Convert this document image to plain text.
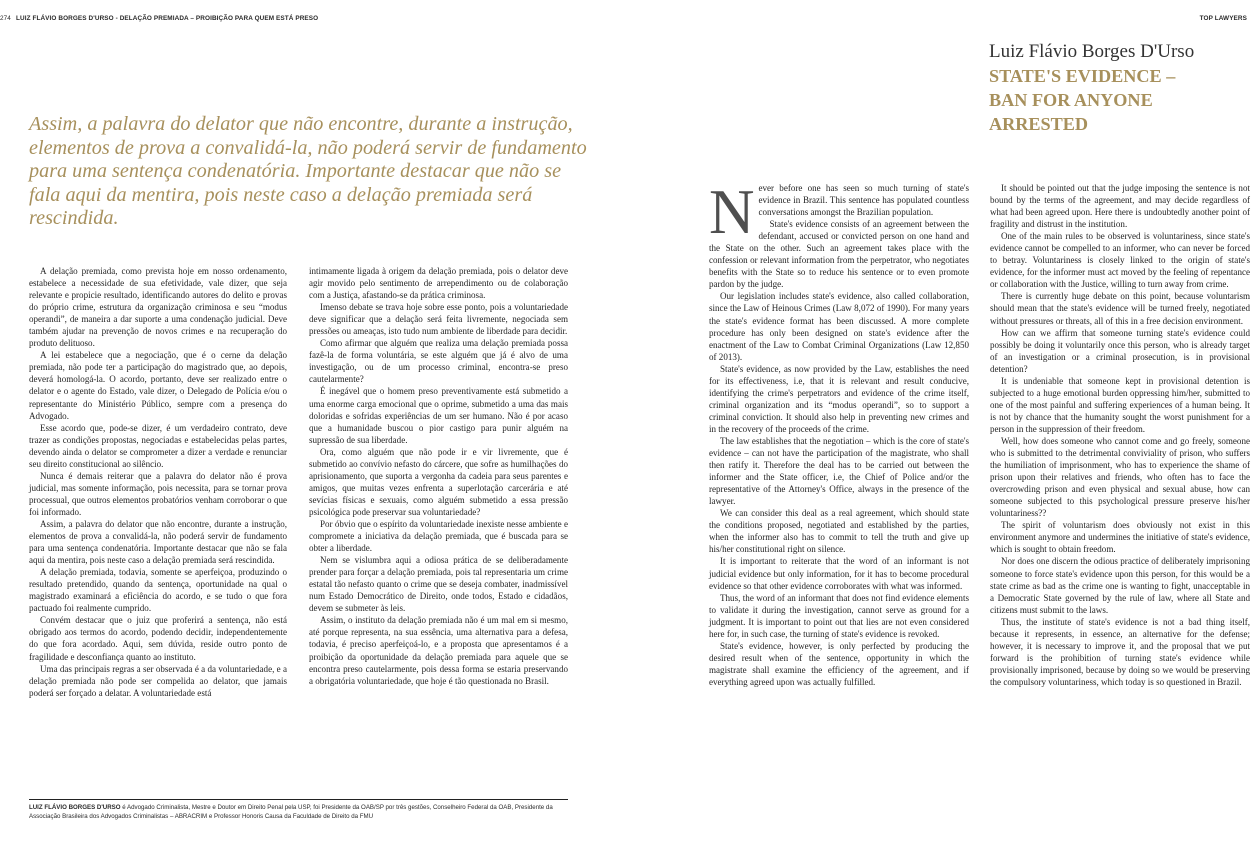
274 LUIZ FLÁVIO BORGES D'URSO - DELAÇÃO PREMIADA – PROIBIÇÃO PARA QUEM ESTÁ PRESO

Assim, a palavra do delator que não encontre, durante a instrução, elementos de prova a convalidá-la, não poderá servir de fundamento para uma sentença condenatória. Importante destacar que não se fala aqui da mentira, pois neste caso a delação premiada será rescindida.

A delação premiada, como prevista hoje em nosso ordenamento, estabelece a necessidade de sua efetividade, vale dizer, que seja relevante e propicie resultado, identificando autores do delito e provas do próprio crime, estrutura da organização criminosa e seu “modus operandi”, de maneira a dar suporte a uma condenação judicial. Deve também ajudar na prevenção de novos crimes e na recuperação do produto delituoso.

A lei estabelece que a negociação, que é o cerne da delação premiada, não pode ter a participação do magistrado que, ao depois, deverá homologá-la. O acordo, portanto, deve ser realizado entre o delator e o agente do Estado, vale dizer, o Delegado de Polícia e/ou o representante do Ministério Público, sempre com a presença do Advogado.

Esse acordo que, pode-se dizer, é um verdadeiro contrato, deve trazer as condições propostas, negociadas e estabelecidas pelas partes, devendo ainda o delator se comprometer a dizer a verdade e renunciar seu direito constitucional ao silêncio.

Nunca é demais reiterar que a palavra do delator não é prova judicial, mas somente informação, pois necessita, para se tornar prova processual, que outros elementos probatórios venham corroborar o que foi informado.

Assim, a palavra do delator que não encontre, durante a instrução, elementos de prova a convalidá-la, não poderá servir de fundamento para uma sentença condenatória. Importante destacar que não se fala aqui da mentira, pois neste caso a delação premiada será rescindida.

A delação premiada, todavia, somente se aperfeiçoa, produzindo o resultado pretendido, quando da sentença, oportunidade na qual o magistrado examinará a eficiência do acordo, e se tudo o que fora pactuado foi realmente cumprido.

Convém destacar que o juiz que proferirá a sentença, não está obrigado aos termos do acordo, podendo decidir, independentemente do que fora acordado. Aqui, sem dúvida, reside outro ponto de fragilidade e desconfiança quanto ao instituto.

Uma das principais regras a ser observada é a da voluntariedade, e a delação premiada não pode ser compelida ao delator, que jamais poderá ser forçado a delatar. A voluntariedade está

intimamente ligada à origem da delação premiada, pois o delator deve agir movido pelo sentimento de arrependimento ou de colaboração com a Justiça, afastando-se da prática criminosa.

Imenso debate se trava hoje sobre esse ponto, pois a voluntariedade deve significar que a delação será feita livremente, negociada sem pressões ou ameaças, isto tudo num ambiente de liberdade para decidir.

Como afirmar que alguém que realiza uma delação premiada possa fazê-la de forma voluntária, se este alguém que já é alvo de uma investigação, ou de um processo criminal, encontra-se preso cautelarmente?

É inegável que o homem preso preventivamente está submetido a uma enorme carga emocional que o oprime, submetido a uma das mais doloridas e sofridas experiências de um ser humano. Não é por acaso que a humanidade buscou o pior castigo para punir alguém na supressão de sua liberdade.

Ora, como alguém que não pode ir e vir livremente, que é submetido ao convívio nefasto do cárcere, que sofre as humilhações do aprisionamento, que suporta a vergonha da cadeia para seus parentes e amigos, que muitas vezes enfrenta a superlotação carcerária e até sevícias físicas e sexuais, como alguém submetido a essa pressão psicológica pode preservar sua voluntariedade?

Por óbvio que o espírito da voluntariedade inexiste nesse ambiente e compromete a iniciativa da delação premiada, que é buscada para se obter a liberdade.

Nem se vislumbra aqui a odiosa prática de se deliberadamente prender para forçar a delação premiada, pois tal representaria um crime estatal tão nefasto quanto o crime que se deseja combater, inadmissível num Estado Democrático de Direito, onde todos, Estado e cidadãos, devem se submeter às leis.

Assim, o instituto da delação premiada não é um mal em si mesmo, até porque representa, na sua essência, uma alternativa para a defesa, todavia, é preciso aperfeiçoá-lo, e a proposta que apresentamos é a proibição da oportunidade da delação premiada para aquele que se encontra preso cautelarmente, pois dessa forma se estaria preservando a obrigatória voluntariedade, que hoje é tão questionada no Brasil.

LUIZ FLÁVIO BORGES D'URSO é Advogado Criminalista, Mestre e Doutor em Direito Penal pela USP, foi Presidente da OAB/SP por três gestões, Conselheiro Federal da OAB, Presidente da Associação Brasileira dos Advogados Criminalistas – ABRACRIM e Professor Honoris Causa da Faculdade de Direito da FMU

TOP LAWYERS

Luiz Flávio Borges D'Urso

STATE'S EVIDENCE –

BAN FOR ANYONE

ARRESTED

Never before one has seen so much turning of state's evidence in Brazil. This sentence has populated countless conversations amongst the Brazilian population.

State's evidence consists of an agreement between the defendant, accused or convicted person on one hand and the State on the other. Such an agreement takes place with the confession or relevant information from the perpetrator, who negotiates benefits with the State so to reduce his sentence or to even promote pardon by the judge.

Our legislation includes state's evidence, also called collaboration, since the Law of Heinous Crimes (Law 8,072 of 1990). For many years the state's evidence format has been discussed. A more complete procedure has only been designed on state's evidence after the enactment of the Law to Combat Criminal Organizations (Law 12,850 of 2013).

State's evidence, as now provided by the Law, establishes the need for its effectiveness, i.e, that it is relevant and result conducive, identifying the crime's perpetrators and evidence of the crime itself, criminal organization and its “modus operandi”, so to support a criminal conviction. It should also help in preventing new crimes and in the recovery of the proceeds of the crime.

The law establishes that the negotiation – which is the core of state's evidence – can not have the participation of the magistrate, who shall then ratify it. Therefore the deal has to be carried out between the informer and the State officer, i.e, the Chief of Police and/or the representative of the Attorney's Office, always in the presence of the lawyer.

We can consider this deal as a real agreement, which should state the conditions proposed, negotiated and established by the parties, when the informer also has to commit to tell the truth and give up his/her constitutional right on silence.

It is important to reiterate that the word of an informant is not judicial evidence but only information, for it has to become procedural evidence so that other evidence corroborates with what was informed.

Thus, the word of an informant that does not find evidence elements to validate it during the investigation, cannot serve as ground for a judgment. It is important to point out that lies are not even considered here for, in such case, the turning of state's evidence is revoked.

State's evidence, however, is only perfected by producing the desired result when of the sentence, opportunity in which the magistrate shall examine the efficiency of the agreement, and if everything agreed upon was actually fulfilled.

It should be pointed out that the judge imposing the sentence is not bound by the terms of the agreement, and may decide regardless of what had been agreed upon. Here there is undoubtedly another point of fragility and distrust in the institution.

One of the main rules to be observed is voluntariness, since state's evidence cannot be compelled to an informer, who can never be forced to betray. Voluntariness is closely linked to the origin of state's evidence, for the informer must act moved by the feeling of repentance or collaboration with the Justice, willing to turn away from crime.

There is currently huge debate on this point, because voluntarism should mean that the state's evidence will be turned freely, negotiated without pressures or threats, all of this in a free decision environment.

How can we affirm that someone turning state's evidence could possibly be doing it voluntarily once this person, who is already target of an investigation or a criminal prosecution, is in provisional detention?

It is undeniable that someone kept in provisional detention is subjected to a huge emotional burden oppressing him/her, submitted to one of the most painful and suffering experiences of a human being. It is not by chance that the humanity sought the worst punishment for a person in the suppression of their freedom.

Well, how does someone who cannot come and go freely, someone who is submitted to the detrimental conviviality of prison, who suffers the humiliation of imprisonment, who has to experience the shame of prison upon their relatives and friends, who often has to face the overcrowding prison and even physical and sexual abuse, how can someone subjected to this psychological pressure preserve his/her voluntariness??

The spirit of voluntarism does obviously not exist in this environment anymore and undermines the initiative of state's evidence, which is sought to obtain freedom.

Nor does one discern the odious practice of deliberately imprisoning someone to force state's evidence upon this person, for this would be a state crime as bad as the crime one is wanting to fight, unacceptable in a Democratic State governed by the rule of law, where all State and citizens must submit to the laws.

Thus, the institute of state's evidence is not a bad thing itself, because it represents, in essence, an alternative for the defense; however, it is necessary to improve it, and the proposal that we put forward is the prohibition of turning state's evidence while provisionally imprisoned, because by doing so we would be preserving the compulsory voluntariness, which today is so questioned in Brazil.
